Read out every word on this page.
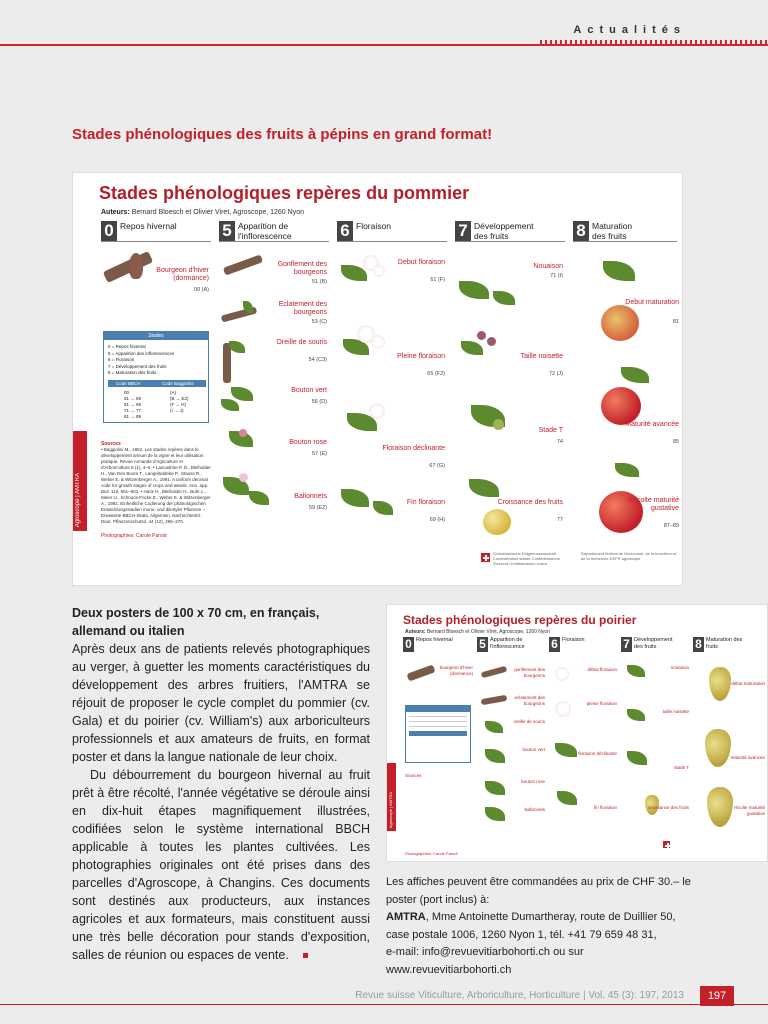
Actualités
Stades phénologiques des fruits à pépins en grand format!
Stades phénologiques repères du pommier
Auteurs: Bernard Bloesch et Olivier Viret, Agroscope, 1260 Nyon
Agroscope | AMTRA
0 Repos hivernal	5 Apparition de l'inflorescence	6 Floraison	7 Développement des fruits	8 Maturation des fruits
Bourgeon d'hiver (dormance)
00 (A)
Stades
0 = Repos hivernal
5 = Apparition des inflorescences
6 = Floraison
7 = Développement des fruits
8 = Maturation des fruits
Code BBCH	Code Baggiolini
00	(A)
51 → 59	(B → E2)
61 → 69	(F → H)
71 → 77	(I → J)
81 → 89
Sources
• Baggiolini M., 1952. Les stades repères dans le développement annuel de la vigne et leur utilisation pratique. Revue romande d'Agriculture et d'Arboriculture 8 (1), 4–6. • Lancashire P. D., Bleiholder H., Van Den Boom T., Langelüddeke P., Stauss R., Weber E. & Witzenberger A., 1991. A uniform decimal code for growth stages of crops and weeds. Ann. app. Biol. 119, 561–601. • Hack H., Bleiholder H., Buhr L., Meier U., Schnock-Fricke E., Weber E. & Witzenberger A., 1992. Einheitliche Codierung der phänologischen Entwicklungsstadien mono- und dikotyler Pflanzen – Erweiterte BBCH-Skala, Allgemein. Nachrichtenbl. Deut. Pflanzenschutzd. 44 (12), 265–270.
Photographies: Carole Parodi
Gonflement des bourgeons
51 (B)
Eclatement des bourgeons
53 (C)
Oreille de souris
54 (C3)
Bouton vert
56 (D)
Bouton rose
57 (E)
Ballonnets
59 (E2)
Debut floraison
61 (F)
Pleine floraison
65 (F2)
Floraison déclinante
67 (G)
Fin floraison
69 (H)
Nouaison
71 (I)
Taille noisette
72 (J)
Stade T
74
Croissance des fruits
77
Debut maturation
81
Maturité avancée
85
Récolte maturité gustative
87–89
Schweizerische Eidgenossenschaft Confédération suisse Confederazione Svizzera Confederaziun svizra
Département fédéral de l'économie, de la formation et de la recherche DEFR agroscope

Deux posters de 100 x 70 cm, en français, allemand ou italien

Après deux ans de patients relevés photographiques au verger, à guetter les moments caractéristiques du développement des arbres fruitiers, l'AMTRA se réjouit de proposer le cycle complet du pommier (cv. Gala) et du poirier (cv. William's) aux arboriculteurs professionnels et aux amateurs de fruits, en format poster et dans la langue nationale de leur choix.

Du débourrement du bourgeon hivernal au fruit prêt à être récolté, l'année végétative se déroule ainsi en dix-huit étapes magnifiquement illustrées, codifiées selon le système international BBCH applicable à toutes les plantes cultivées. Les photographies originales ont été prises dans des parcelles d'Agroscope, à Changins. Ces documents sont destinés aux producteurs, aux instances agricoles et aux formateurs, mais constituent aussi une très belle décoration pour stands d'exposition, salles de réunion ou espaces de vente.

Stades phénologiques repères du poirier
Auteurs: Bernard Bloesch et Olivier Viret, Agroscope, 1260 Nyon
Agroscope | AMTRA
0 Repos hivernal	5 Apparition de l'inflorescence	6 Floraison	7 Développement des fruits	8 Maturation des fruits
bourgeon d'hiver (dormance)
Sources
Photographies: Carole Parodi
gonflement des bourgeons
eclatement des bourgeons
oreille de souris
bouton vert
bouton rose
ballonnets
début floraison
pleine floraison
floraison déclinante
fin floraison
nouaison
taille noisette
stade T
croissance des fruits
début maturation
maturité avancée
récolte maturité gustative
Les affiches peuvent être commandées au prix de CHF 30.– le poster (port inclus) à:
AMTRA, Mme Antoinette Dumartheray, route de Duillier 50,
case postale 1006, 1260 Nyon 1, tél. +41 79 659 48 31,
e-mail: info@revuevitiarbohorti.ch ou sur www.revuevitiarbohorti.ch
Revue suisse Viticulture, Arboriculture, Horticulture | Vol. 45 (3): 197, 2013	197
